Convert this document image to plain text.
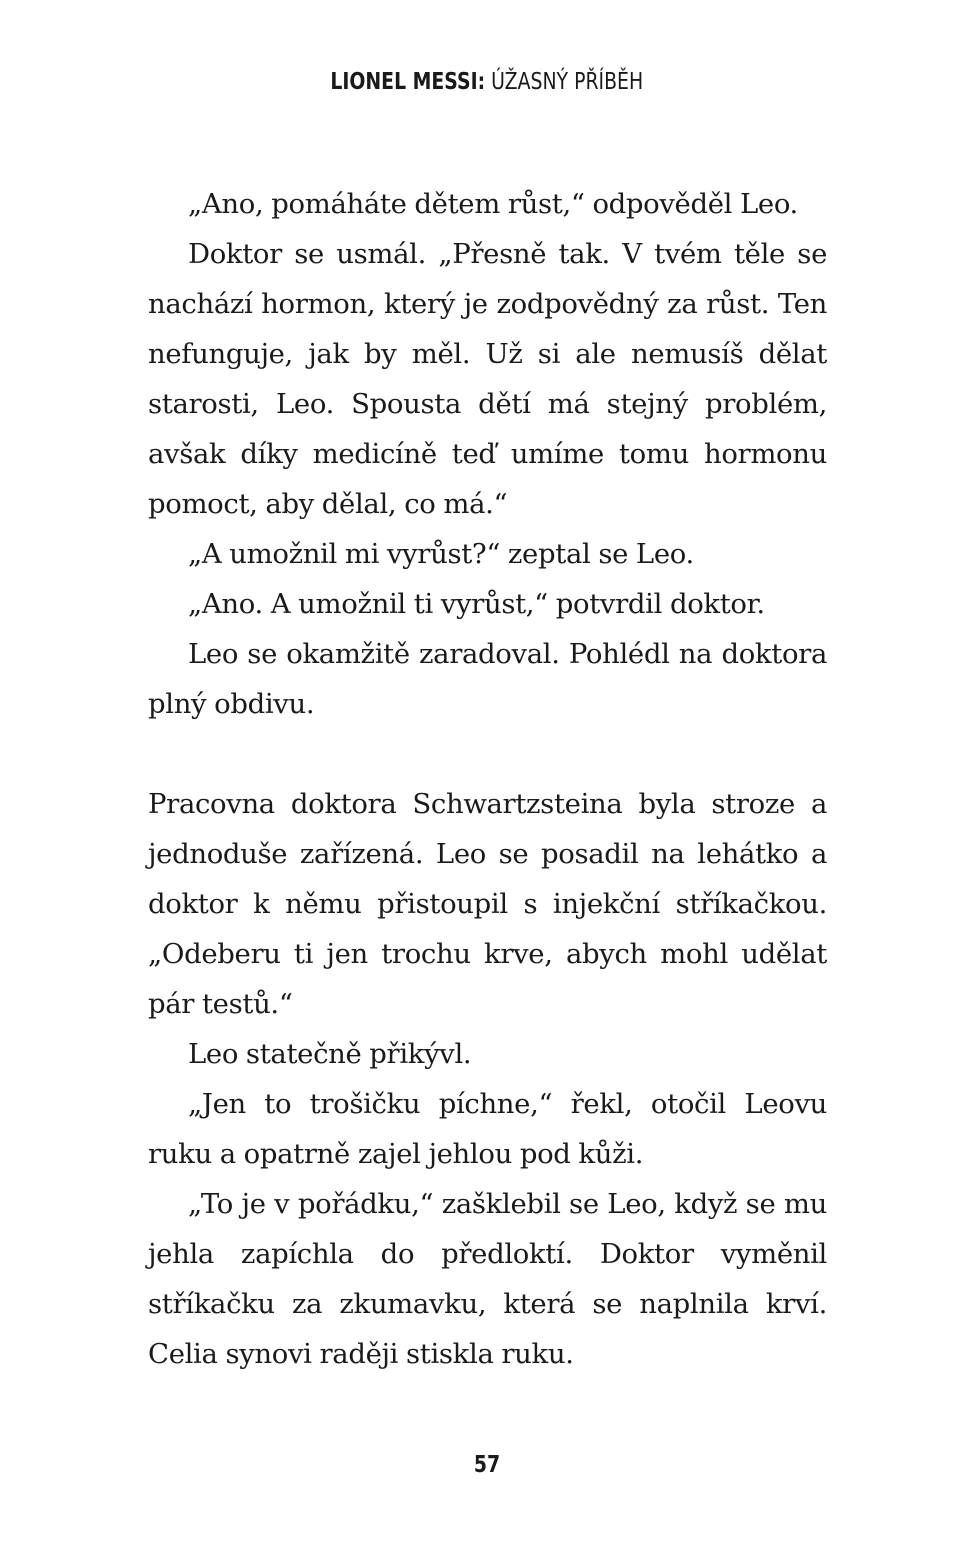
LIONEL MESSI: ÚŽASNÝ PŘÍBĚH

„Ano, pomáháte dětem růst,“ odpověděl Leo.

Doktor se usmál. „Přesně tak. V tvém těle se nachází hormon, který je zodpovědný za růst. Ten nefunguje, jak by měl. Už si ale nemusíš dělat starosti, Leo. Spousta dětí má stejný problém, avšak díky medicíně teď umíme tomu hormonu pomoct, aby dělal, co má.“

„A umožnil mi vyrůst?“ zeptal se Leo.

„Ano. A umožnil ti vyrůst,“ potvrdil doktor.

Leo se okamžitě zaradoval. Pohlédl na doktora plný obdivu.

Pracovna doktora Schwartzsteina byla stroze a jednoduše zařízená. Leo se posadil na lehátko a doktor k němu přistoupil s injekční stříkačkou. „Odeberu ti jen trochu krve, abych mohl udělat pár testů.“

Leo statečně přikývl.

„Jen to trošičku píchne,“ řekl, otočil Leovu ruku a opatrně zajel jehlou pod kůži.

„To je v pořádku,“ zašklebil se Leo, když se mu jehla zapíchla do předloktí. Doktor vyměnil stříkačku za zkumavku, která se naplnila krví. Celia synovi raději stiskla ruku.

57
